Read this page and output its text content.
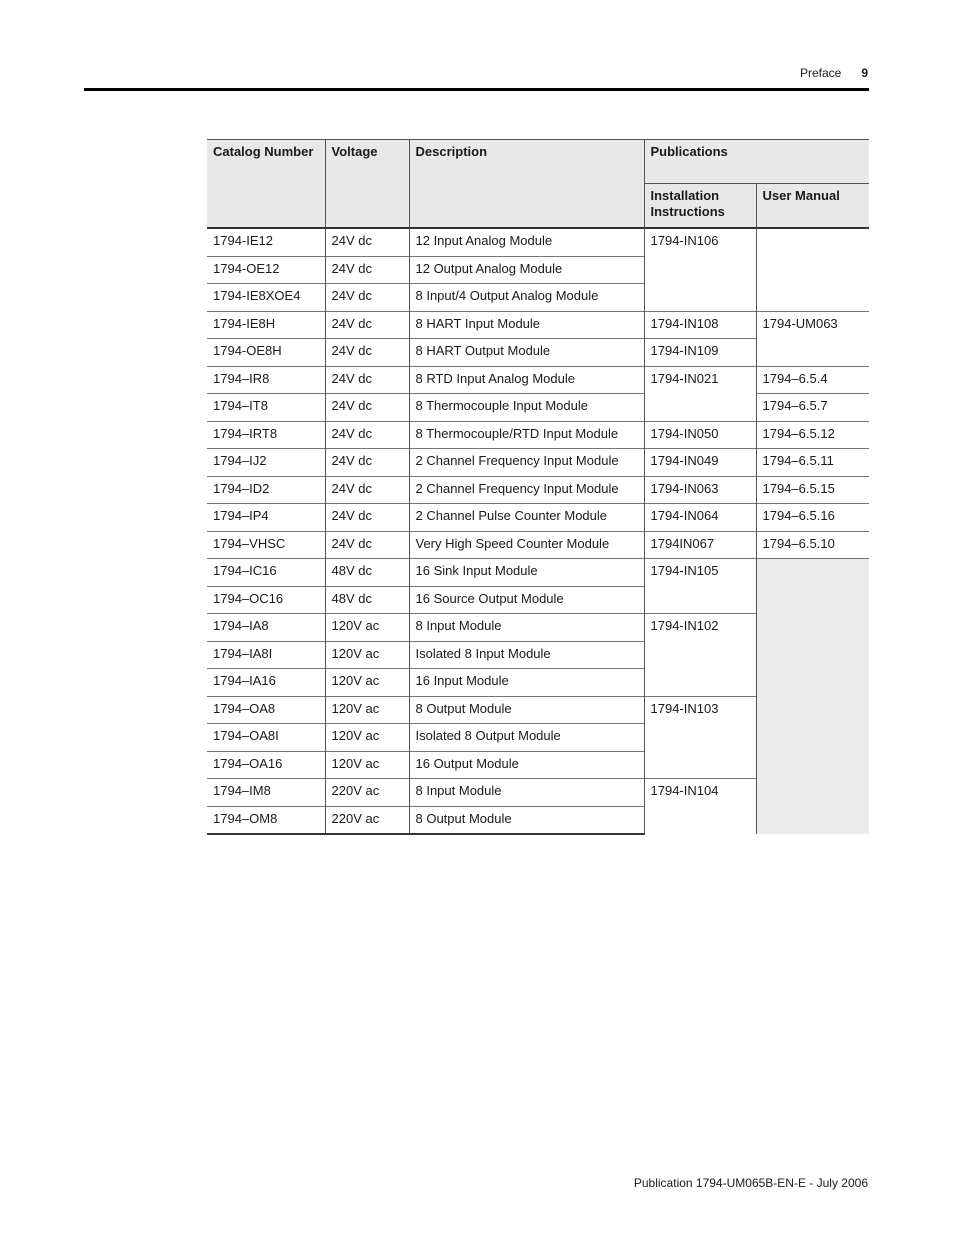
Preface 9
Catalog Number	Voltage	Description	Publications	
			Installation Instructions	User Manual
1794-IE12	24V dc	12 Input Analog Module	1794-IN106	
1794-OE12	24V dc	12 Output Analog Module		
1794-IE8XOE4	24V dc	8 Input/4 Output Analog Module		
1794-IE8H	24V dc	8 HART Input Module	1794-IN108	1794-UM063
1794-OE8H	24V dc	8 HART Output Module	1794-IN109	
1794–IR8	24V dc	8 RTD Input Analog Module	1794-IN021	1794–6.5.4
1794–IT8	24V dc	8 Thermocouple Input Module		1794–6.5.7
1794–IRT8	24V dc	8 Thermocouple/RTD Input Module	1794-IN050	1794–6.5.12
1794–IJ2	24V dc	2 Channel Frequency Input Module	1794-IN049	1794–6.5.11
1794–ID2	24V dc	2 Channel Frequency Input Module	1794-IN063	1794–6.5.15
1794–IP4	24V dc	2 Channel Pulse Counter Module	1794-IN064	1794–6.5.16
1794–VHSC	24V dc	Very High Speed Counter Module	1794IN067	1794–6.5.10
1794–IC16	48V dc	16 Sink Input Module	1794-IN105	
1794–OC16	48V dc	16 Source Output Module		
1794–IA8	120V ac	8 Input Module	1794-IN102	
1794–IA8I	120V ac	Isolated 8 Input Module		
1794–IA16	120V ac	16 Input Module		
1794–OA8	120V ac	8 Output Module	1794-IN103	
1794–OA8I	120V ac	Isolated 8 Output Module		
1794–OA16	120V ac	16 Output Module		
1794–IM8	220V ac	8 Input Module	1794-IN104	
1794–OM8	220V ac	8 Output Module		
Publication 1794-UM065B-EN-E - July 2006
